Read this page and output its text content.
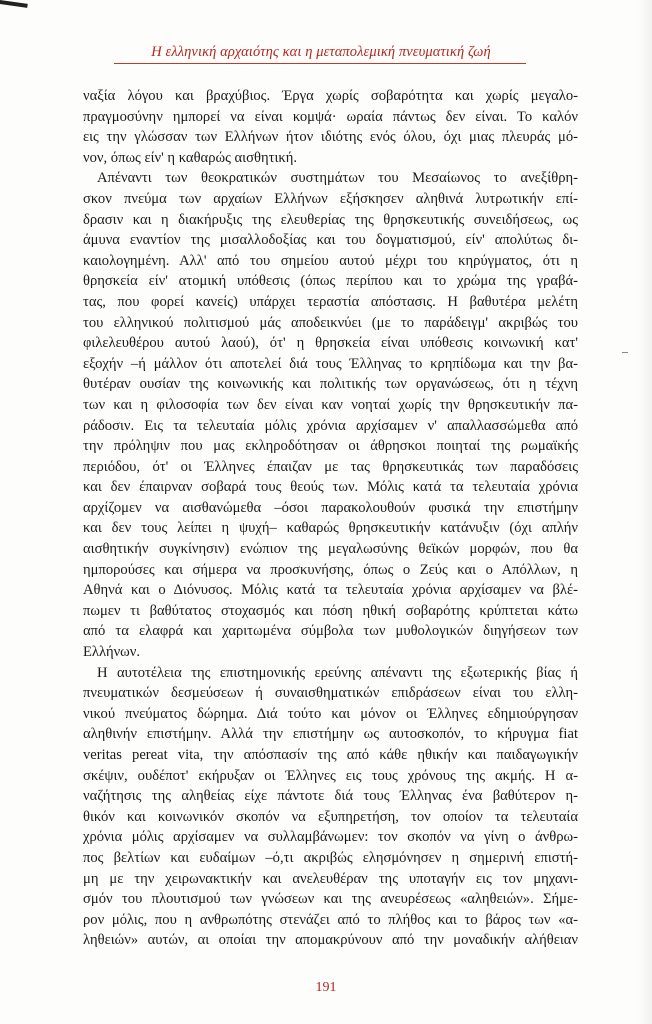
Η ελληνική αρχαιότης και η μεταπολεμική πνευματική ζωή
ναξία λόγου και βραχύβιος. Έργα χωρίς σοβαρότητα και χωρίς μεγαλο-
πραγμοσύνην ημπορεί να είναι κομψά· ωραία πάντως δεν είναι. Το καλόν
εις την γλώσσαν των Ελλήνων ήτον ιδιότης ενός όλου, όχι μιας πλευράς μό-
νον, όπως είν' η καθαρώς αισθητική.
Απέναντι των θεοκρατικών συστημάτων του Μεσαίωνος το ανεξίθρη-
σκον πνεύμα των αρχαίων Ελλήνων εξήσκησεν αληθινά λυτρωτικήν επί-
δρασιν και η διακήρυξις της ελευθερίας της θρησκευτικής συνειδήσεως, ως
άμυνα εναντίον της μισαλλοδοξίας και του δογματισμού, είν' απολύτως δι-
καιολογημένη. Αλλ' από του σημείου αυτού μέχρι του κηρύγματος, ότι η
θρησκεία είν' ατομική υπόθεσις (όπως περίπου και το χρώμα της γραβά-
τας, που φορεί κανείς) υπάρχει τεραστία απόστασις. Η βαθυτέρα μελέτη
του ελληνικού πολιτισμού μάς αποδεικνύει (με το παράδειγμ' ακριβώς του
φιλελευθέρου αυτού λαού), ότ' η θρησκεία είναι υπόθεσις κοινωνική κατ'
εξοχήν –ή μάλλον ότι αποτελεί διά τους Έλληνας το κρηπίδωμα και την βα-
θυτέραν ουσίαν της κοινωνικής και πολιτικής των οργανώσεως, ότι η τέχνη
των και η φιλοσοφία των δεν είναι καν νοηταί χωρίς την θρησκευτικήν πα-
ράδοσιν. Εις τα τελευταία μόλις χρόνια αρχίσαμεν ν' απαλλασσώμεθα από
την πρόληψιν που μας εκληροδότησαν οι άθρησκοι ποιηταί της ρωμαϊκής
περιόδου, ότ' οι Έλληνες έπαιζαν με τας θρησκευτικάς των παραδόσεις
και δεν έπαιρναν σοβαρά τους θεούς των. Μόλις κατά τα τελευταία χρόνια
αρχίζομεν να αισθανώμεθα –όσοι παρακολουθούν φυσικά την επιστήμην
και δεν τους λείπει η ψυχή– καθαρώς θρησκευτικήν κατάνυξιν (όχι απλήν
αισθητικήν συγκίνησιν) ενώπιον της μεγαλωσύνης θεϊκών μορφών, που θα
ημπορούσες και σήμερα να προσκυνήσης, όπως ο Ζεύς και ο Απόλλων, η
Αθηνά και ο Διόνυσος. Μόλις κατά τα τελευταία χρόνια αρχίσαμεν να βλέ-
πωμεν τι βαθύτατος στοχασμός και πόση ηθική σοβαρότης κρύπτεται κάτω
από τα ελαφρά και χαριτωμένα σύμβολα των μυθολογικών διηγήσεων των
Ελλήνων.
Η αυτοτέλεια της επιστημονικής ερεύνης απέναντι της εξωτερικής βίας ή
πνευματικών δεσμεύσεων ή συναισθηματικών επιδράσεων είναι του ελλη-
νικού πνεύματος δώρημα. Διά τούτο και μόνον οι Έλληνες εδημιούργησαν
αληθινήν επιστήμην. Αλλά την επιστήμην ως αυτοσκοπόν, το κήρυγμα fiat
veritas pereat vita, την απόσπασίν της από κάθε ηθικήν και παιδαγωγικήν
σκέψιν, ουδέποτ' εκήρυξαν οι Έλληνες εις τους χρόνους της ακμής. Η α-
ναζήτησις της αληθείας είχε πάντοτε διά τους Έλληνας ένα βαθύτερον η-
θικόν και κοινωνικόν σκοπόν να εξυπηρετήση, τον οποίον τα τελευταία
χρόνια μόλις αρχίσαμεν να συλλαμβάνωμεν: τον σκοπόν να γίνη ο άνθρω-
πος βελτίων και ευδαίμων –ό,τι ακριβώς ελησμόνησεν η σημερινή επιστή-
μη με την χειρωνακτικήν και ανελευθέραν της υποταγήν εις τον μηχανι-
σμόν του πλουτισμού των γνώσεων και της ανευρέσεως «αληθειών». Σήμε-
ρον μόλις, που η ανθρωπότης στενάζει από το πλήθος και το βάρος των «α-
ληθειών» αυτών, αι οποίαι την απομακρύνουν από την μοναδικήν αλήθειαν
191
